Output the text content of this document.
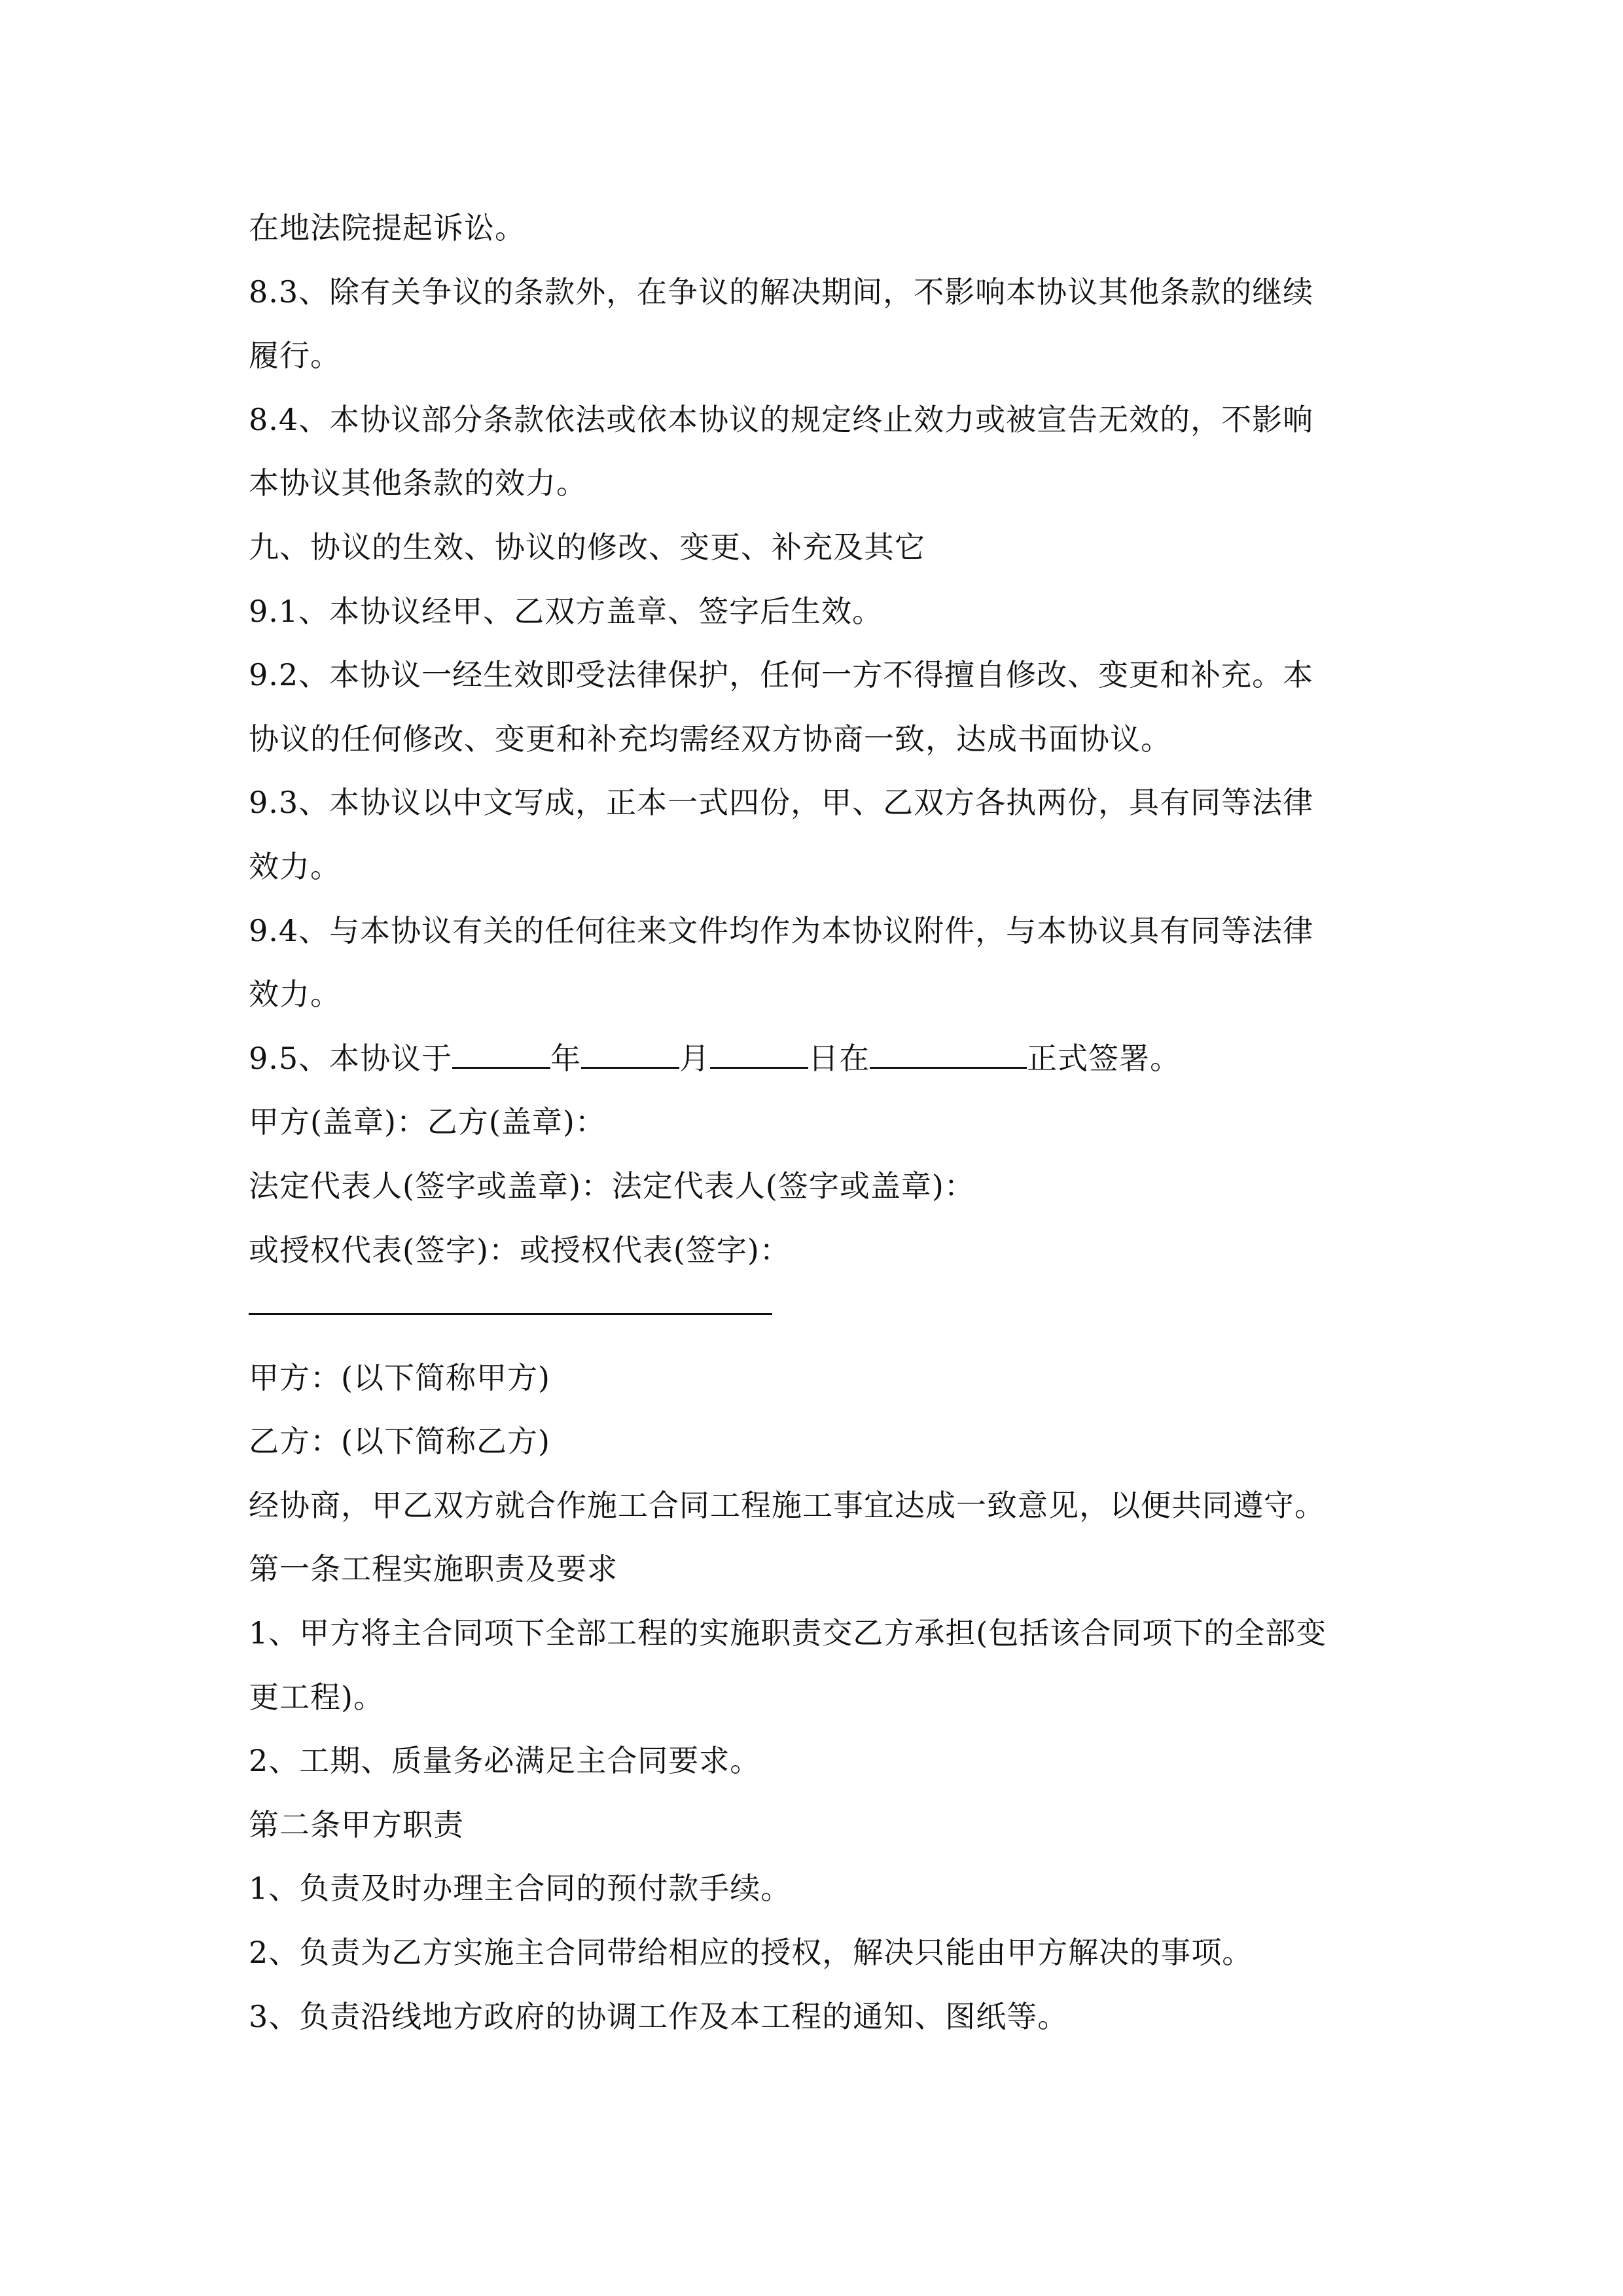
在地法院提起诉讼。
8.3、除有关争议的条款外，在争议的解决期间，不影响本协议其他条款的继续
履行。
8.4、本协议部分条款依法或依本协议的规定终止效力或被宣告无效的，不影响
本协议其他条款的效力。
九、协议的生效、协议的修改、变更、补充及其它
9.1、本协议经甲、乙双方盖章、签字后生效。
9.2、本协议一经生效即受法律保护，任何一方不得擅自修改、变更和补充。本
协议的任何修改、变更和补充均需经双方协商一致，达成书面协议。
9.3、本协议以中文写成，正本一式四份，甲、乙双方各执两份，具有同等法律
效力。
9.4、与本协议有关的任何往来文件均作为本协议附件，与本协议具有同等法律
效力。
9.5、本协议于	年	月	日在	正式签署。
甲方(盖章)：乙方(盖章)：
法定代表人(签字或盖章)：法定代表人(签字或盖章)：
或授权代表(签字)：或授权代表(签字)：
甲方：(以下简称甲方)
乙方：(以下简称乙方)
经协商，甲乙双方就合作施工合同工程施工事宜达成一致意见，以便共同遵守。
第一条工程实施职责及要求
1、甲方将主合同项下全部工程的实施职责交乙方承担(包括该合同项下的全部变
更工程)。
2、工期、质量务必满足主合同要求。
第二条甲方职责
1、负责及时办理主合同的预付款手续。
2、负责为乙方实施主合同带给相应的授权，解决只能由甲方解决的事项。
3、负责沿线地方政府的协调工作及本工程的通知、图纸等。
